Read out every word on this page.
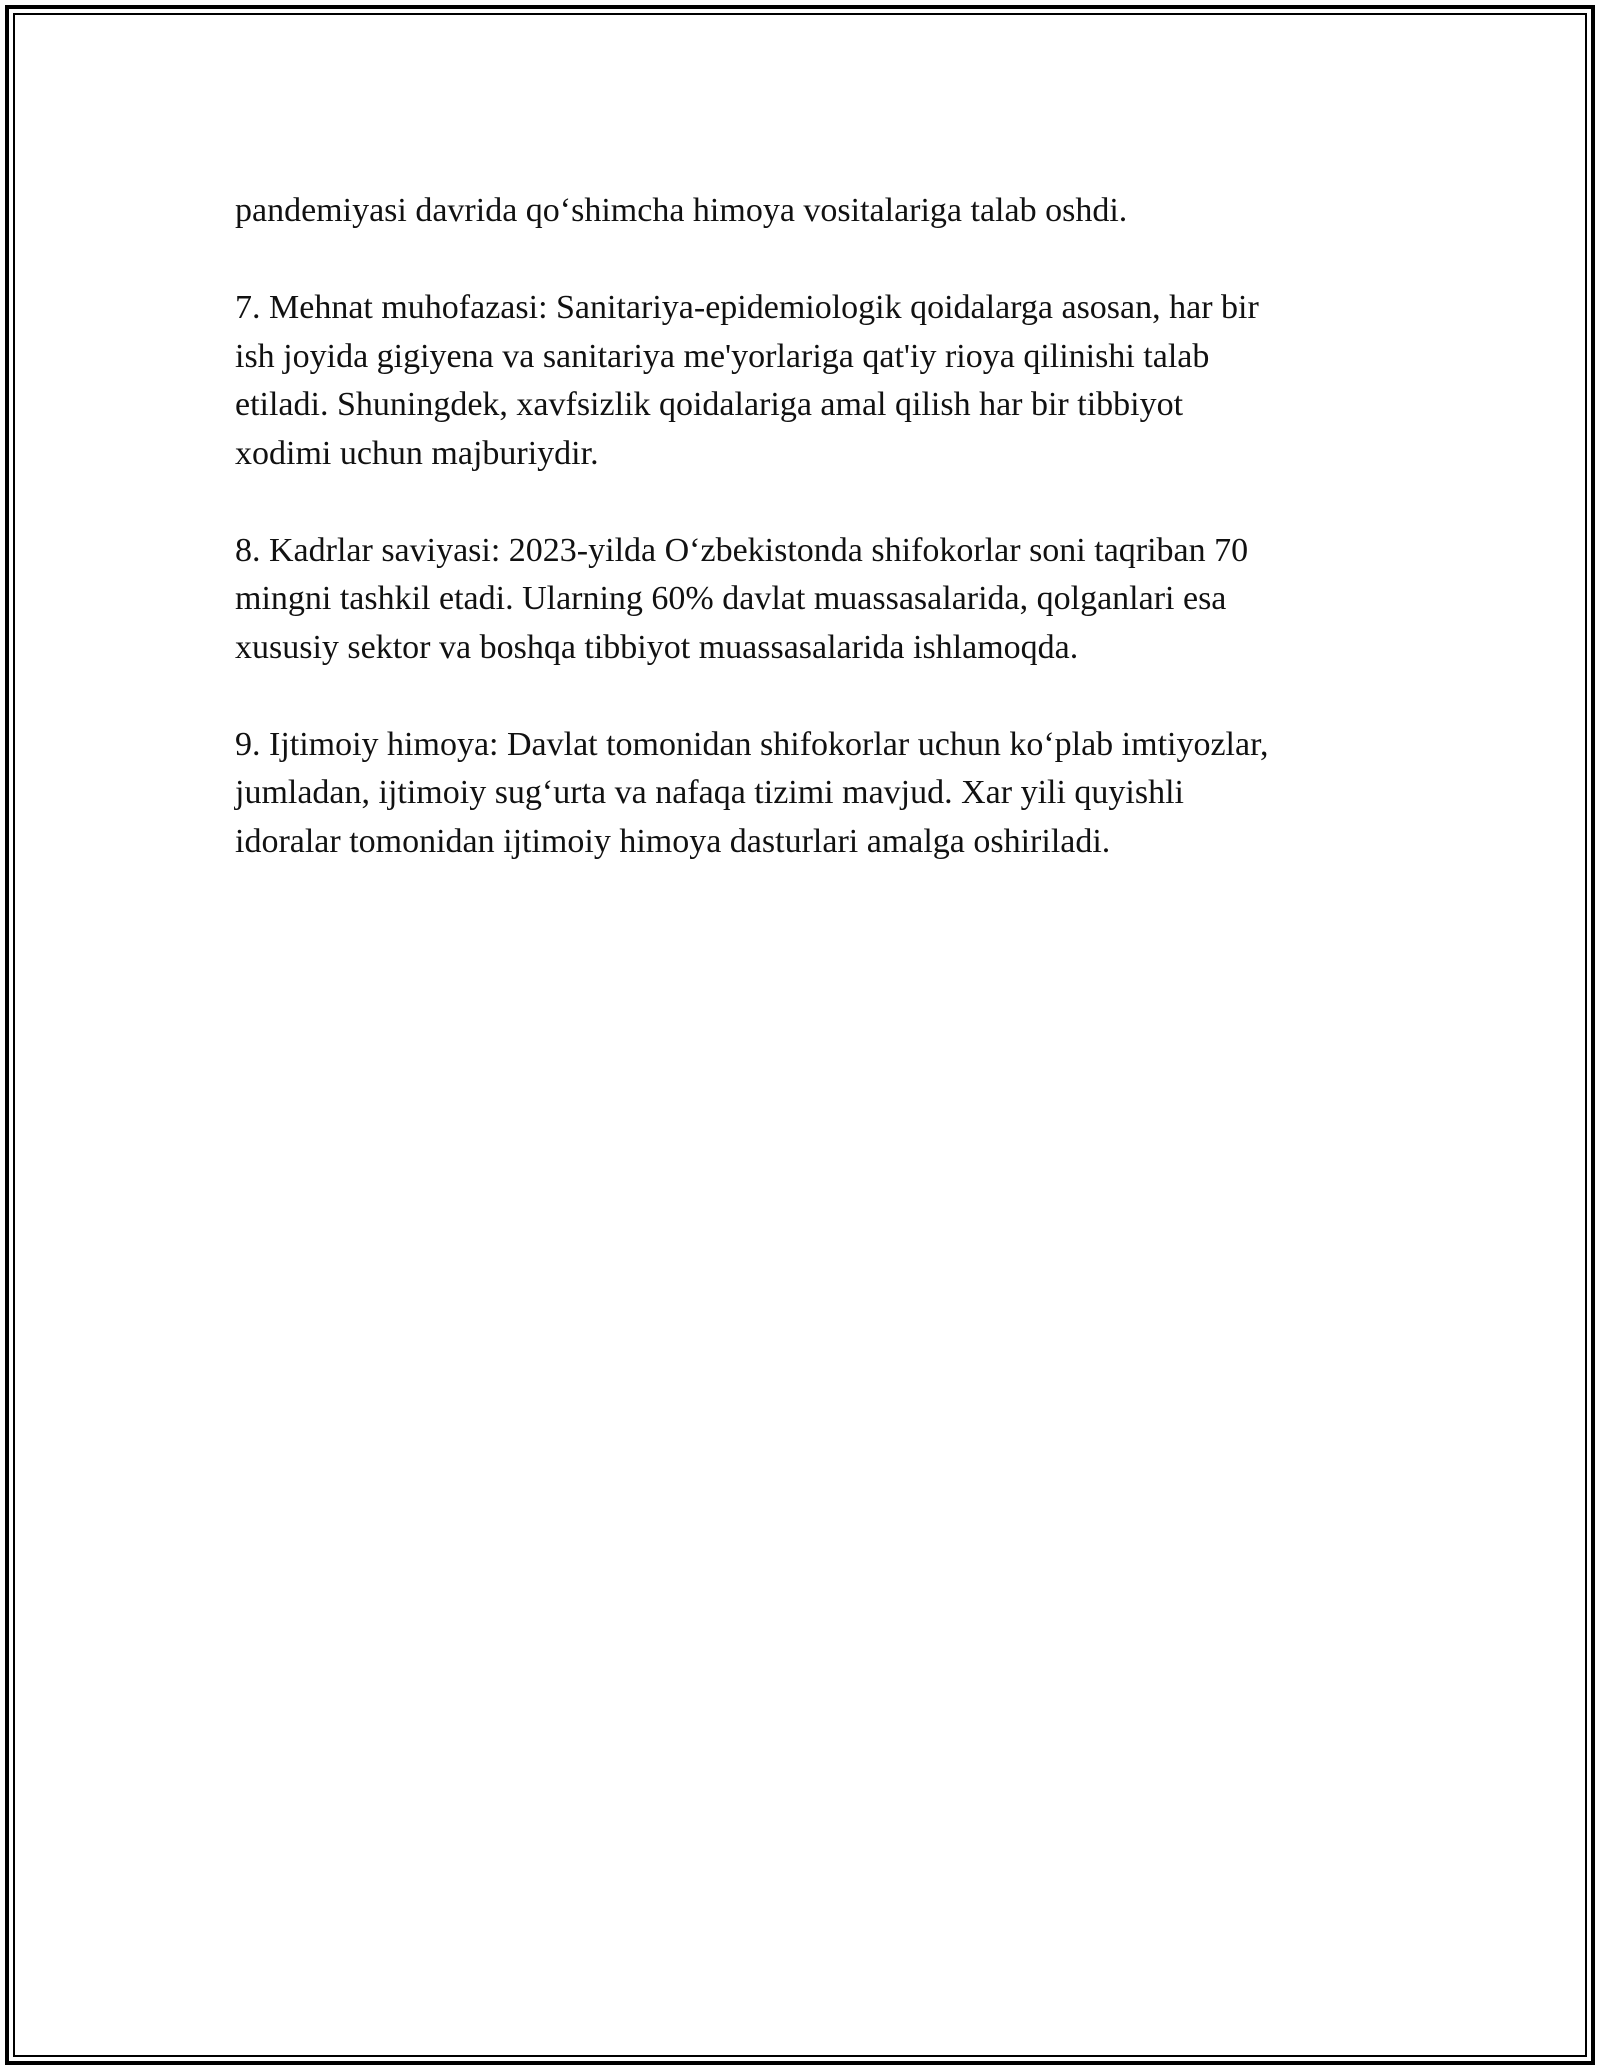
pandemiyasi davrida qo‘shimcha himoya vositalariga talab oshdi.

7. Mehnat muhofazasi: Sanitariya-epidemiologik qoidalarga asosan, har bir
ish joyida gigiyena va sanitariya me'yorlariga qat'iy rioya qilinishi talab
etiladi. Shuningdek, xavfsizlik qoidalariga amal qilish har bir tibbiyot
xodimi uchun majburiydir.

8. Kadrlar saviyasi: 2023-yilda O‘zbekistonda shifokorlar soni taqriban 70
mingni tashkil etadi. Ularning 60% davlat muassasalarida, qolganlari esa
xususiy sektor va boshqa tibbiyot muassasalarida ishlamoqda.

9. Ijtimoiy himoya: Davlat tomonidan shifokorlar uchun ko‘plab imtiyozlar,
jumladan, ijtimoiy sug‘urta va nafaqa tizimi mavjud. Xar yili quyishli
idoralar tomonidan ijtimoiy himoya dasturlari amalga oshiriladi.
